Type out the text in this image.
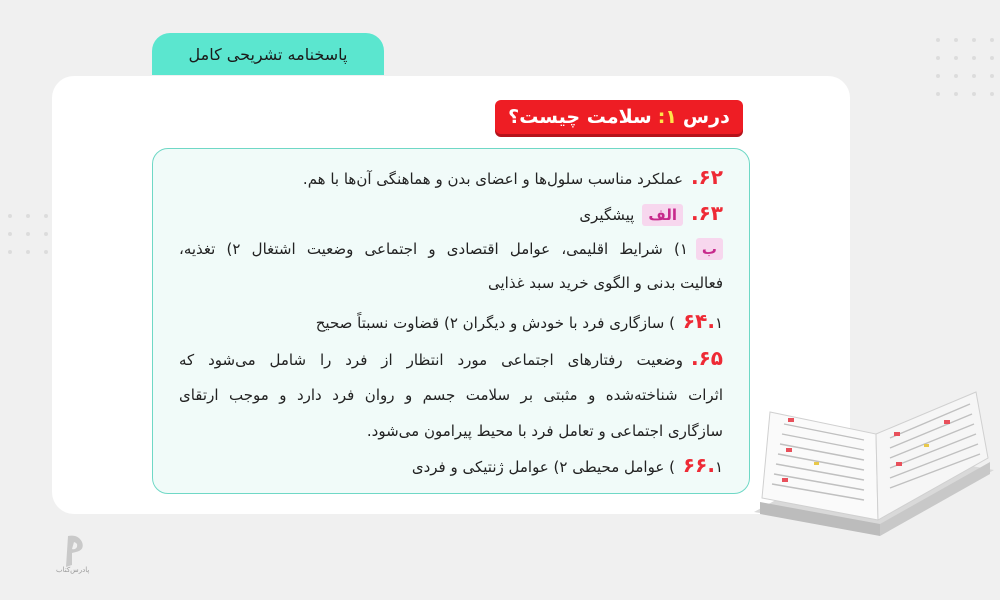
پاسخنامه تشریحی کامل
درس
۱:
سلامت چیست؟
۶۲.عملکرد مناسب سلول‌ها و اعضای بدن و هماهنگی آن‌ها با هم.
۶۳.الفپیشگیری
ب۱) شرایط اقلیمی، عوامل اقتصادی و اجتماعی وضعیت اشتغال ۲) تغذیه،
فعالیت بدنی و الگوی خرید سبد غذایی
۶۴.۱) سازگاری فرد با خودش و دیگران ۲) قضاوت نسبتاً صحیح
۶۵.وضعیت رفتارهای اجتماعی مورد انتظار از فرد را شامل می‌شود که
اثرات شناخته‌شده و مثبتی بر سلامت جسم و روان فرد دارد و موجب ارتقای
سازگاری اجتماعی و تعامل فرد با محیط پیرامون می‌شود.
۶۶.۱) عوامل محیطی ۲) عوامل ژنتیکی و فردی
پادرس‌کتاب
